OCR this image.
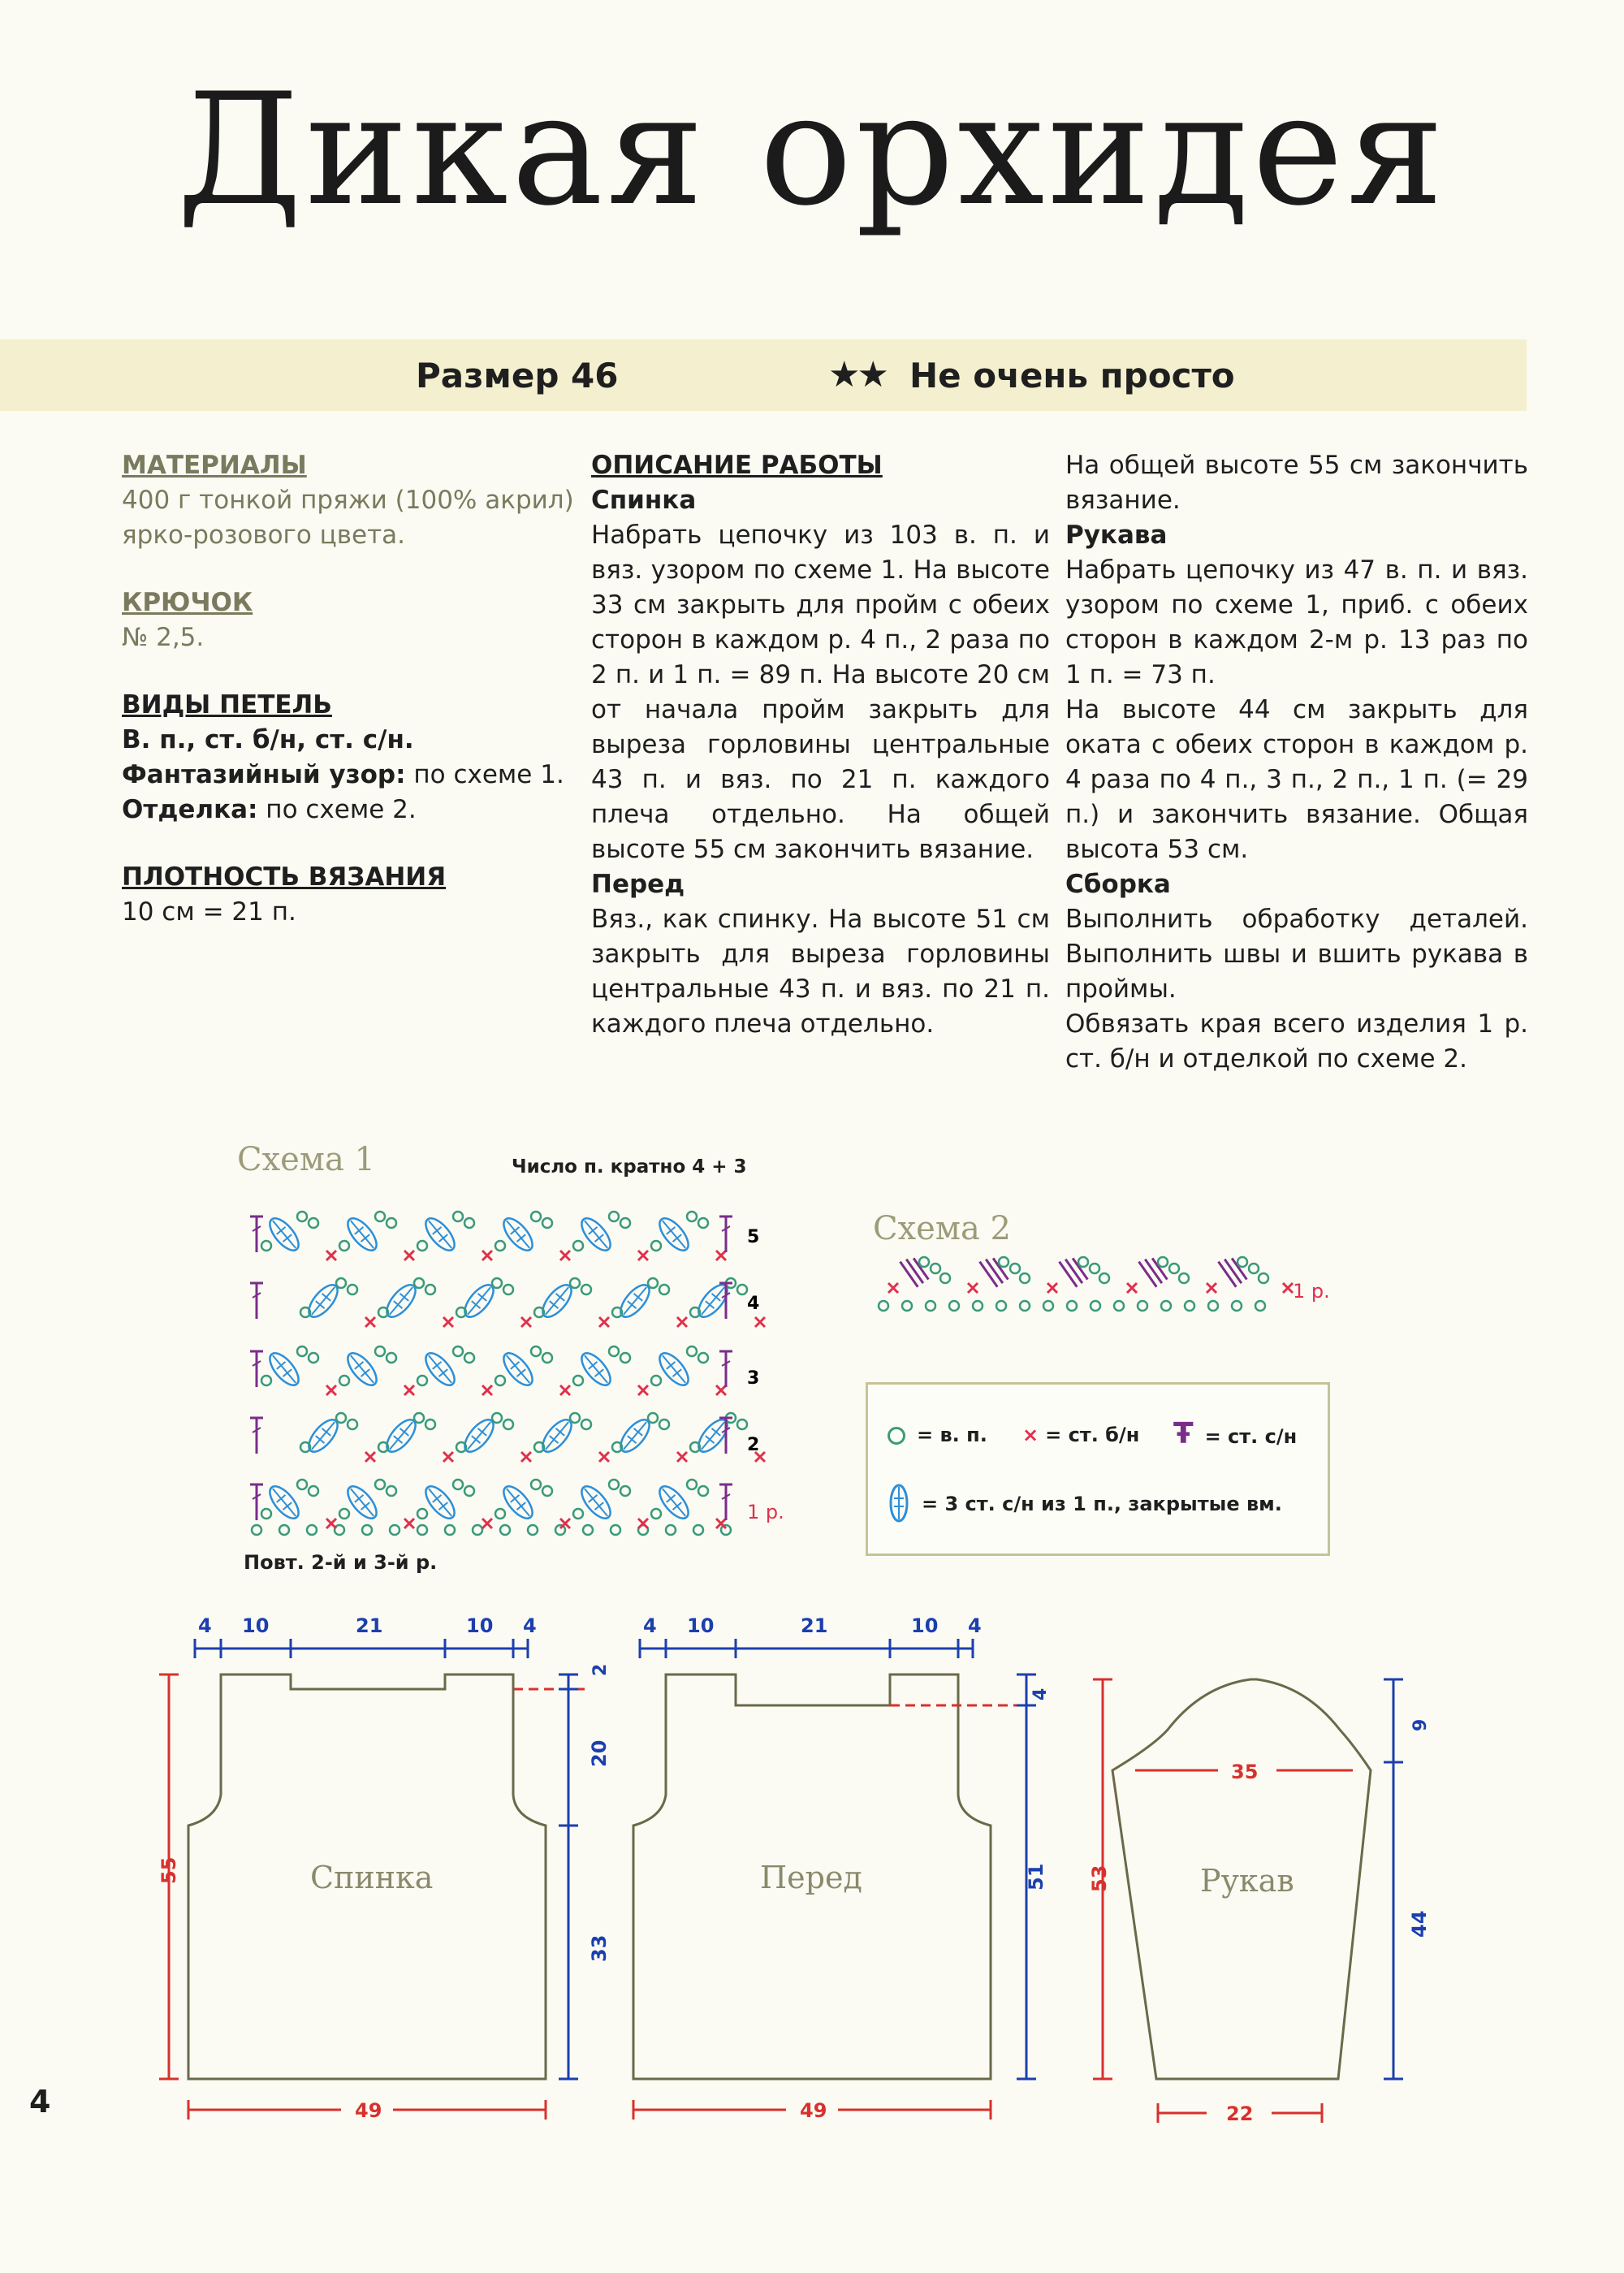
Дикая орхидея
Размер 46	★★ Не очень просто
МАТЕРИАЛЫ
400 г тонкой пряжи (100% акрил)
ярко-розового цвета.
КРЮЧОК
№ 2,5.
ВИДЫ ПЕТЕЛЬ
В. п., ст. б/н, ст. с/н.
Фантазийный узор: по схеме 1.
Отделка: по схеме 2.
ПЛОТНОСТЬ ВЯЗАНИЯ
10 см = 21 п.
ОПИСАНИЕ РАБОТЫ
Спинка
Набрать цепочку из 103 в. п. и вяз. узором по схеме 1. На высоте 33 см закрыть для пройм с обеих сторон в каждом р. 4 п., 2 раза по 2 п. и 1 п. = 89 п. На высоте 20 см от начала пройм закрыть для выреза горловины центральные 43 п. и вяз. по 21 п. каждого плеча отдельно. На общей высоте 55 см закончить вязание.
Перед
Вяз., как спинку. На высоте 51 см закрыть для выреза горловины центральные 43 п. и вяз. по 21 п. каждого плеча отдельно.
На общей высоте 55 см закончить вязание.
Рукава
Набрать цепочку из 47 в. п. и вяз. узором по схеме 1, приб. с обеих сторон в каждом 2-м р. 13 раз по 1 п. = 73 п.
На высоте 44 см закрыть для оката с обеих сторон в каждом р. 4 раза по 4 п., 3 п., 2 п., 1 п. (= 29 п.) и закончить вязание. Общая высота 53 см.
Сборка
Выполнить обработку деталей. Выполнить швы и вшить рукава в проймы.
Обвязать края всего изделия 1 р. ст. б/н и отделкой по схеме 2.
Схема 1	Число п. кратно 4 + 3
5
4
3
2
1 р.
Повт. 2-й и 3-й р.
Схема 2
1 р.
= в. п. × = ст. б/н Ŧ = ст. с/н
= 3 ст. с/н из 1 п., закрытые вм.
4 10	21	10 4
55
2
20
33
49
4 10	21	10 4
4
51
49
35
53
9
44
22
Спинка	Перед	Рукав
4
